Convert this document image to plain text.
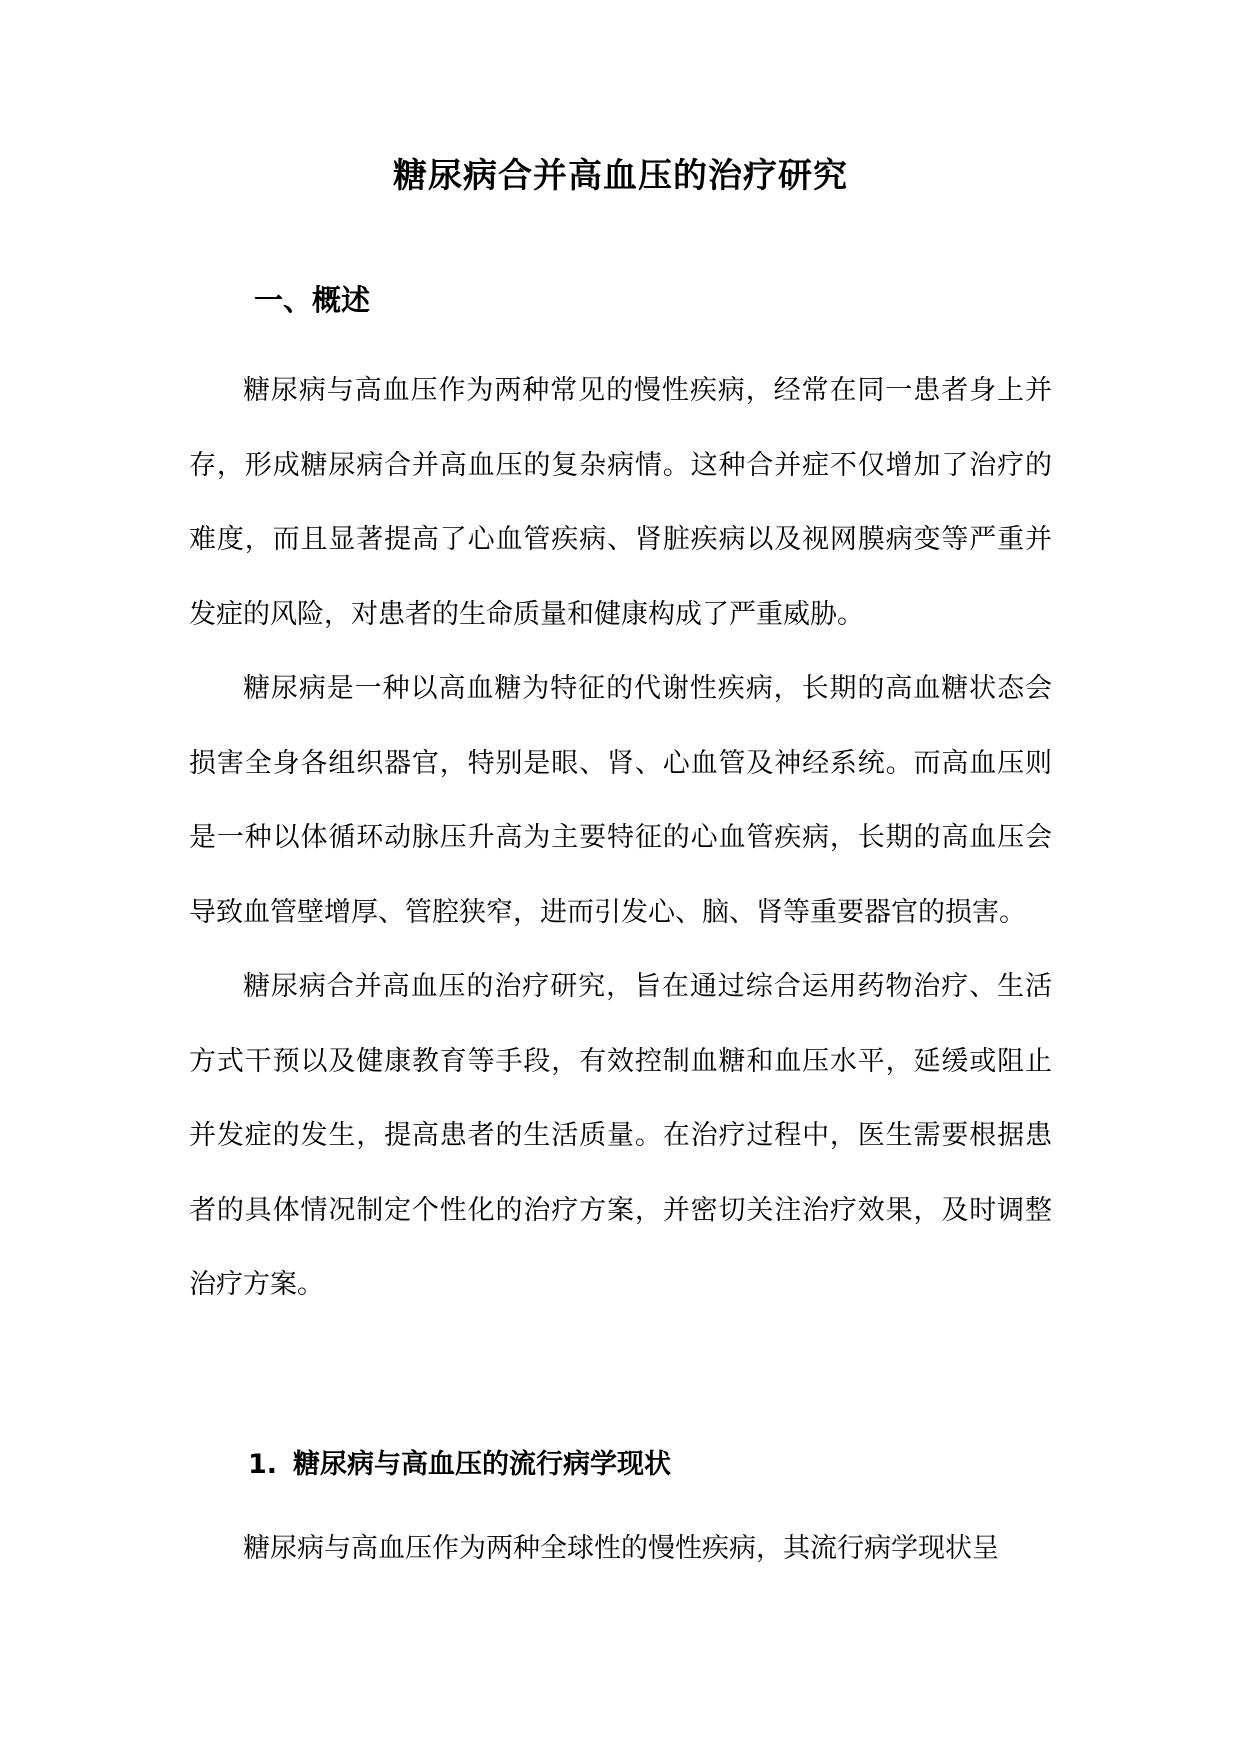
糖尿病合并高血压的治疗研究
一、概述

糖尿病与高血压作为两种常见的慢性疾病，经常在同一患者身上并存，形成糖尿病合并高血压的复杂病情。这种合并症不仅增加了治疗的难度，而且显著提高了心血管疾病、肾脏疾病以及视网膜病变等严重并发症的风险，对患者的生命质量和健康构成了严重威胁。

糖尿病是一种以高血糖为特征的代谢性疾病，长期的高血糖状态会损害全身各组织器官，特别是眼、肾、心血管及神经系统。而高血压则是一种以体循环动脉压升高为主要特征的心血管疾病，长期的高血压会导致血管壁增厚、管腔狭窄，进而引发心、脑、肾等重要器官的损害。

糖尿病合并高血压的治疗研究，旨在通过综合运用药物治疗、生活方式干预以及健康教育等手段，有效控制血糖和血压水平，延缓或阻止并发症的发生，提高患者的生活质量。在治疗过程中，医生需要根据患者的具体情况制定个性化的治疗方案，并密切关注治疗效果，及时调整治疗方案。

1. 糖尿病与高血压的流行病学现状

糖尿病与高血压作为两种全球性的慢性疾病，其流行病学现状呈
